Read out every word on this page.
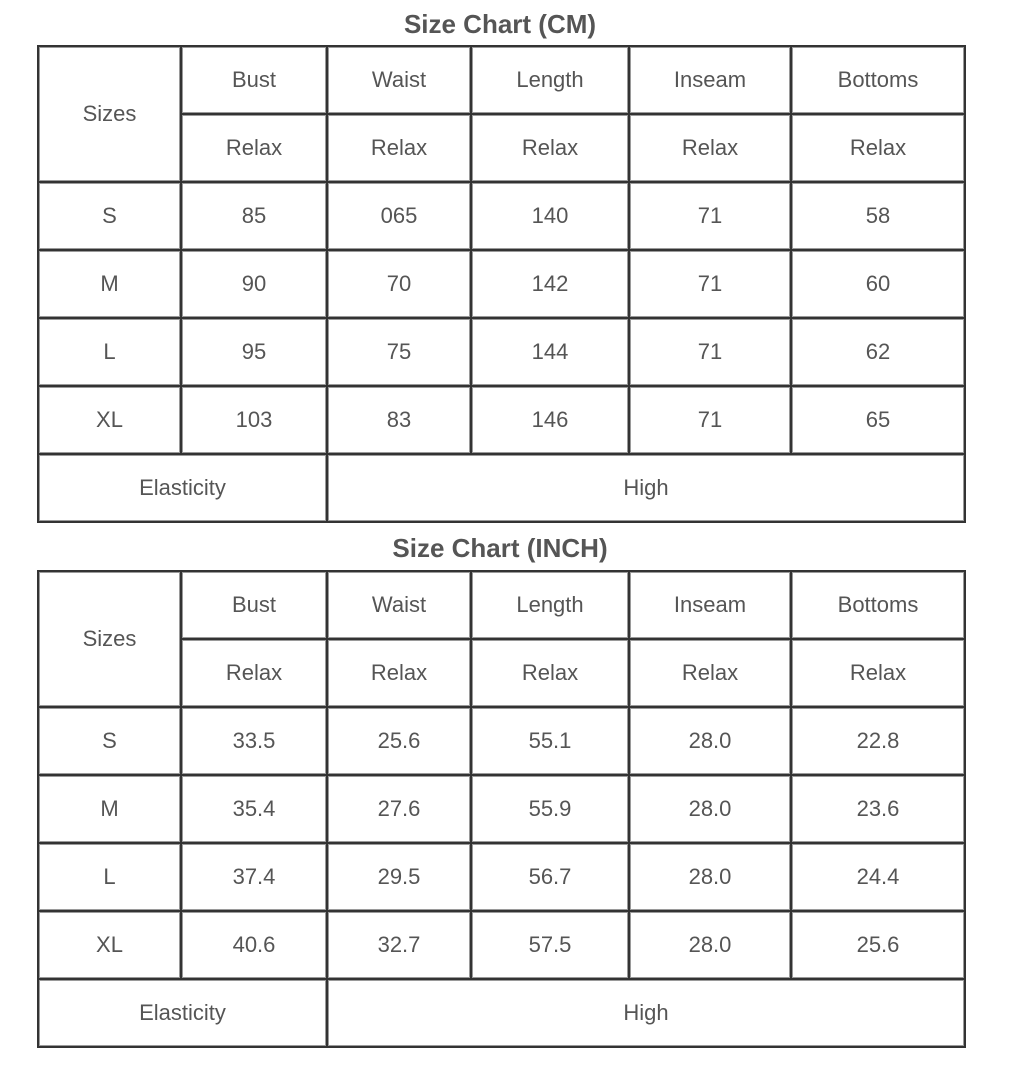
Size Chart (CM)
Sizes	Bust	Waist	Length	Inseam	Bottoms
	Relax	Relax	Relax	Relax	Relax
S	85	065	140	71	58
M	90	70	142	71	60
L	95	75	144	71	62
XL	103	83	146	71	65
Elasticity		High			
Size Chart (INCH)
Sizes	Bust	Waist	Length	Inseam	Bottoms
	Relax	Relax	Relax	Relax	Relax
S	33.5	25.6	55.1	28.0	22.8
M	35.4	27.6	55.9	28.0	23.6
L	37.4	29.5	56.7	28.0	24.4
XL	40.6	32.7	57.5	28.0	25.6
Elasticity		High			
